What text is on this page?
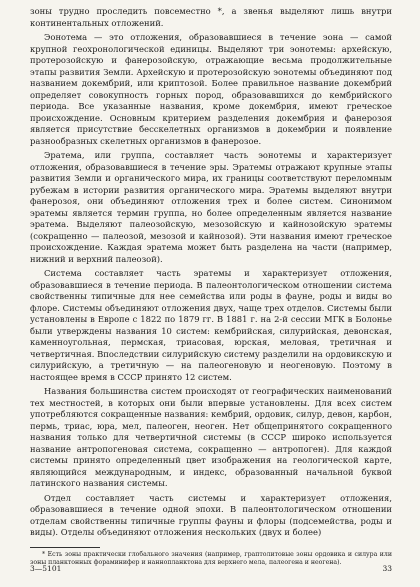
зоны трудно проследить повсеместно *, а звенья выделяют лишь внутри континентальных отложений.

Эонотема — это отложения, образовавшиеся в течение эона — самой крупной геохронологической единицы. Выделяют три эонотемы: архейскую, протерозойскую и фанерозойскую, отражающие весьма продолжительные этапы развития Земли. Архейскую и протерозойскую эонотемы объединяют под названием докембрий, или криптозой. Более правильное название докембрий определяет совокупность горных пород, образовавшихся до кембрийского периода. Все указанные названия, кроме докембрия, имеют греческое происхождение. Основным критерием разделения докембрия и фанерозоя является присутствие бесскелетных организмов в докембрии и появление разнообразных скелетных организмов в фанерозое.

Эратема, или группа, составляет часть эонотемы и характеризует отложения, образовавшиеся в течение эры. Эратемы отражают крупные этапы развития Земли и органического мира, их границы соответствуют переломным рубежам в истории развития органического мира. Эратемы выделяют внутри фанерозоя, они объединяют отложения трех и более систем. Синонимом эратемы является термин группа, но более определенным является название эратема. Выделяют палеозойскую, мезозойскую и кайнозойскую эратемы (сокращенно — палеозой, мезозой и кайнозой). Эти названия имеют греческое происхождение. Каждая эратема может быть разделена на части (например, нижний и верхний палеозой).

Система составляет часть эратемы и характеризует отложения, образовавшиеся в течение периода. В палеонтологическом отношении система свойственны типичные для нее семейства или роды в фауне, роды и виды во флоре. Системы объединяют отложения двух, чаще трех отделов. Системы были установлены в Европе с 1822 по 1879 гг. В 1881 г. на 2-й сессии МГК в Болонье были утверждены названия 10 систем: кембрийская, силурийская, девонская, каменноугольная, пермская, триасовая, юрская, меловая, третичная и четвертичная. Впоследствии силурийскую систему разделили на ордовикскую и силурийскую, а третичную — на палеогеновую и неогеновую. Поэтому в настоящее время в СССР принято 12 систем.

Названия большинства систем происходят от географических наименований тех местностей, в которых они были впервые установлены. Для всех систем употребляются сокращенные названия: кембрий, ордовик, силур, девон, карбон, пермь, триас, юра, мел, палеоген, неоген. Нет общепринятого сокращенного названия только для четвертичной системы (в СССР широко используется название антропогеновая система, сокращенно — антропоген). Для каждой системы принято определенный цвет изображения на геологической карте, являющийся международным, и индекс, образованный начальной буквой латинского названия системы.

Отдел составляет часть системы и характеризует отложения, образовавшиеся в течение одной эпохи. В палеонтологическом отношении отделам свойственны типичные группы фауны и флоры (подсемейства, роды и виды). Отделы объединяют отложения нескольких (двух и более)

* Есть зоны практически глобального значения (например, граптолитовые зоны ордовика и силура или зоны планктонных фораминифер и наннопланктона для верхнего мела, палеогена и неогена).

3—5101	33
